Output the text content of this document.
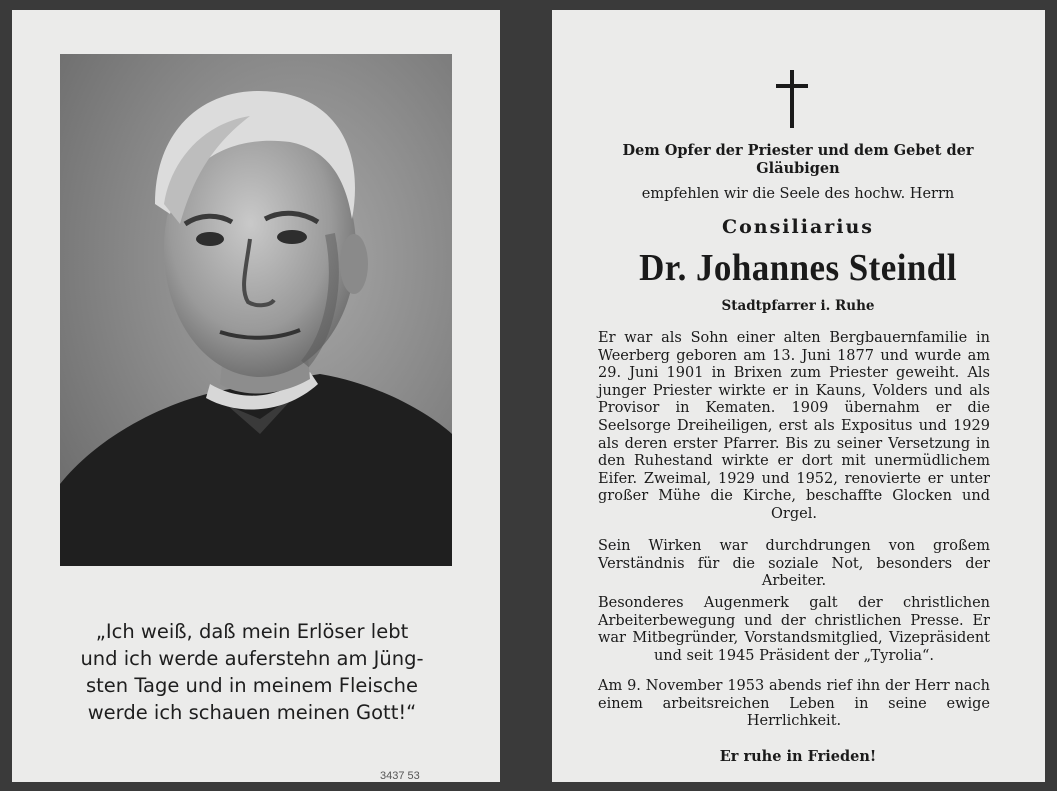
„Ich weiß, daß mein Erlöser lebt
und ich werde auferstehn am Jüng-
sten Tage und in meinem Fleische
werde ich schauen meinen Gott!“
3437 53
Dem Opfer der Priester und dem Gebet der Gläubigen
empfehlen wir die Seele des hochw. Herrn
Consiliarius
Dr. Johannes Steindl
Stadtpfarrer i. Ruhe
Er war als Sohn einer alten Bergbauernfamilie in Weerberg geboren am 13. Juni 1877 und wurde am 29. Juni 1901 in Brixen zum Priester geweiht. Als junger Priester wirkte er in Kauns, Volders und als Provisor in Kematen. 1909 übernahm er die Seelsorge Dreiheiligen, erst als Expositus und 1929 als deren erster Pfarrer. Bis zu seiner Versetzung in den Ruhestand wirkte er dort mit unermüdlichem Eifer. Zweimal, 1929 und 1952, renovierte er unter großer Mühe die Kirche, beschaffte Glocken und Orgel.
Sein Wirken war durchdrungen von großem Verständnis für die soziale Not, besonders der Arbeiter.
Besonderes Augenmerk galt der christlichen Arbeiterbewegung und der christlichen Presse. Er war Mitbegründer, Vorstandsmitglied, Vizepräsident und seit 1945 Präsident der „Tyrolia“.
Am 9. November 1953 abends rief ihn der Herr nach einem arbeitsreichen Leben in seine ewige Herrlichkeit.
Er ruhe in Frieden!
